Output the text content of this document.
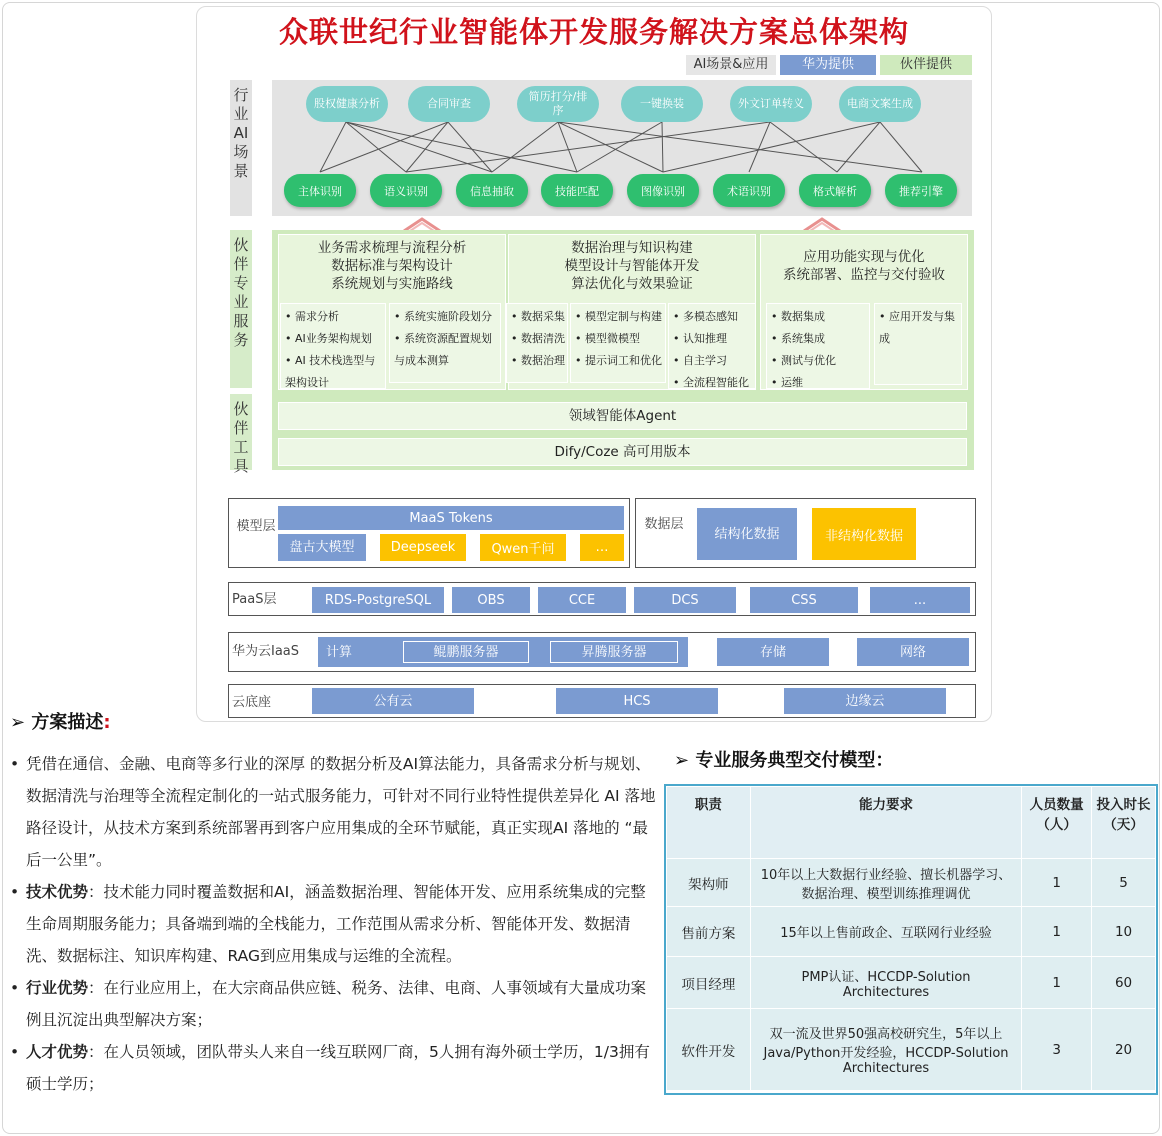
众联世纪行业智能体开发服务解决方案总体架构
AI场景&应用	华为提供	伙伴提供
行业AI场景
伙伴专业服务
伙伴工具
股权健康分析	合同审查
简历打分/排序
一键换装	外文订单转义	电商文案生成
主体识别	语义识别	信息抽取	技能匹配	图像识别	术语识别	格式解析	推荐引擎
业务需求梳理与流程分析
数据标准与架构设计
系统规划与实施路线
数据治理与知识构建
模型设计与智能体开发
算法优化与效果验证
应用功能实现与优化
系统部署、监控与交付验收
• 需求分析
• AI业务架构规划
• AI 技术栈选型与
架构设计
• 系统实施阶段划分
• 系统资源配置规划
与成本测算
• 数据采集
• 数据清洗
• 数据治理
• 模型定制与构建
• 模型微模型
• 提示词工和优化
• 多模态感知
• 认知推理
• 自主学习
• 全流程智能化
• 数据集成
• 系统集成
• 测试与优化
• 运维
• 应用开发与集
成
领域智能体Agent
Dify/Coze 高可用版本
模型层
MaaS Tokens
盘古大模型	Deepseek	Qwen千问	…
数据层
结构化数据	非结构化数据
PaaS层	RDS-PostgreSQL	OBS	CCE	DCS	CSS	...
华为云IaaS	计算	鲲鹏服务器	昇腾服务器	存储	网络
云底座	公有云	HCS	边缘云
➢ 方案描述:

• 凭借在通信、金融、电商等多行业的深厚 的数据分析及AI算法能力，具备需求分析与规划、数据清洗与治理等全流程定制化的一站式服务能力，可针对不同行业特性提供差异化 AI 落地路径设计，从技术方案到系统部署再到客户应用集成的全环节赋能，真正实现AI 落地的 “最后一公里”。

• 技术优势：技术能力同时覆盖数据和AI，涵盖数据治理、智能体开发、应用系统集成的完整生命周期服务能力；具备端到端的全栈能力，工作范围从需求分析、智能体开发、数据清洗、数据标注、知识库构建、RAG到应用集成与运维的全流程。

• 行业优势：在行业应用上，在大宗商品供应链、税务、法律、电商、人事领域有大量成功案例且沉淀出典型解决方案；

• 人才优势：在人员领域，团队带头人来自一线互联网厂商，5人拥有海外硕士学历，1/3拥有硕士学历；

➢ 专业服务典型交付模型：
职责	能力要求	人员数量（人）	投入时长（天）
架构师	10年以上大数据行业经验、擅长机器学习、数据治理、模型训练推理调优	1	5
售前方案	15年以上售前政企、互联网行业经验	1	10
项目经理	PMP认证、HCCDP-Solution Architectures	1	60
软件开发	双一流及世界50强高校研究生，5年以上Java/Python开发经验，HCCDP-Solution Architectures	3	20
